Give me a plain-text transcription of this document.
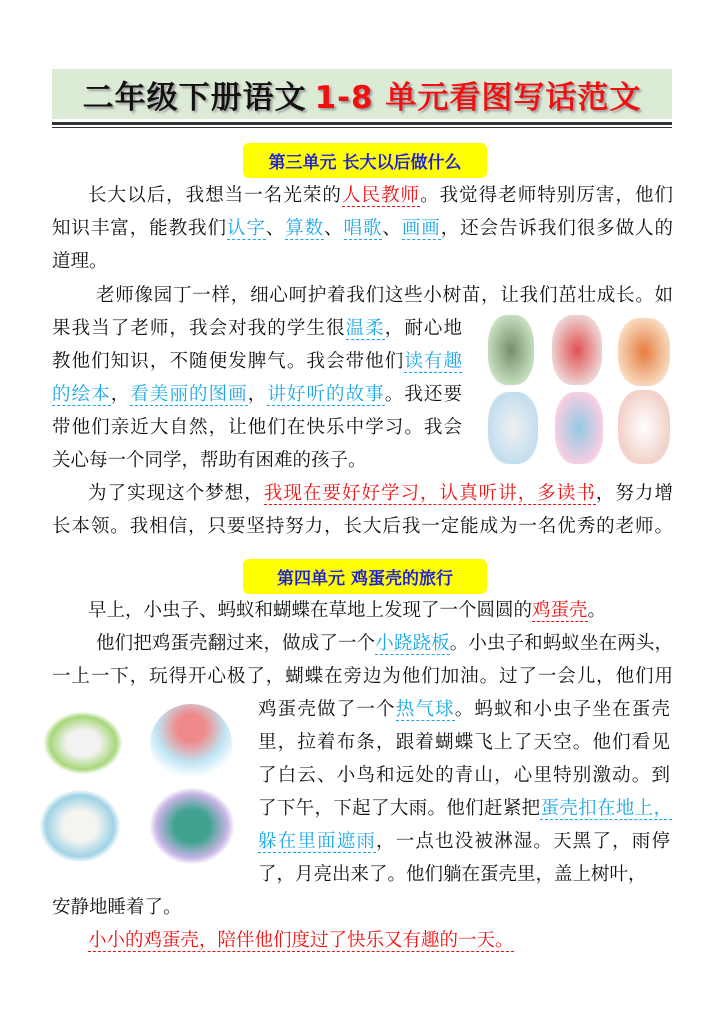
二年级下册语文 1-8 单元看图写话范文
第三单元 长大以后做什么
第四单元 鸡蛋壳的旅行
长大以后，我想当一名光荣的人民教师。我觉得老师特别厉害，他们
知识丰富，能教我们认字、算数、唱歌、画画，还会告诉我们很多做人的
道理。
老师像园丁一样，细心呵护着我们这些小树苗，让我们茁壮成长。如
果我当了老师，我会对我的学生很温柔，耐心地
教他们知识，不随便发脾气。我会带他们读有趣
的绘本，看美丽的图画，讲好听的故事。我还要
带他们亲近大自然，让他们在快乐中学习。我会
关心每一个同学，帮助有困难的孩子。
为了实现这个梦想，我现在要好好学习，认真听讲，多读书，努力增
长本领。我相信，只要坚持努力，长大后我一定能成为一名优秀的老师。
早上，小虫子、蚂蚁和蝴蝶在草地上发现了一个圆圆的鸡蛋壳。
他们把鸡蛋壳翻过来，做成了一个小跷跷板。小虫子和蚂蚁坐在两头，
一上一下，玩得开心极了，蝴蝶在旁边为他们加油。过了一会儿，他们用
鸡蛋壳做了一个热气球。蚂蚁和小虫子坐在蛋壳
里，拉着布条，跟着蝴蝶飞上了天空。他们看见
了白云、小鸟和远处的青山，心里特别激动。到
了下午，下起了大雨。他们赶紧把蛋壳扣在地上，
躲在里面遮雨，一点也没被淋湿。天黑了，雨停
了，月亮出来了。他们躺在蛋壳里，盖上树叶，
安静地睡着了。
小小的鸡蛋壳，陪伴他们度过了快乐又有趣的一天。
